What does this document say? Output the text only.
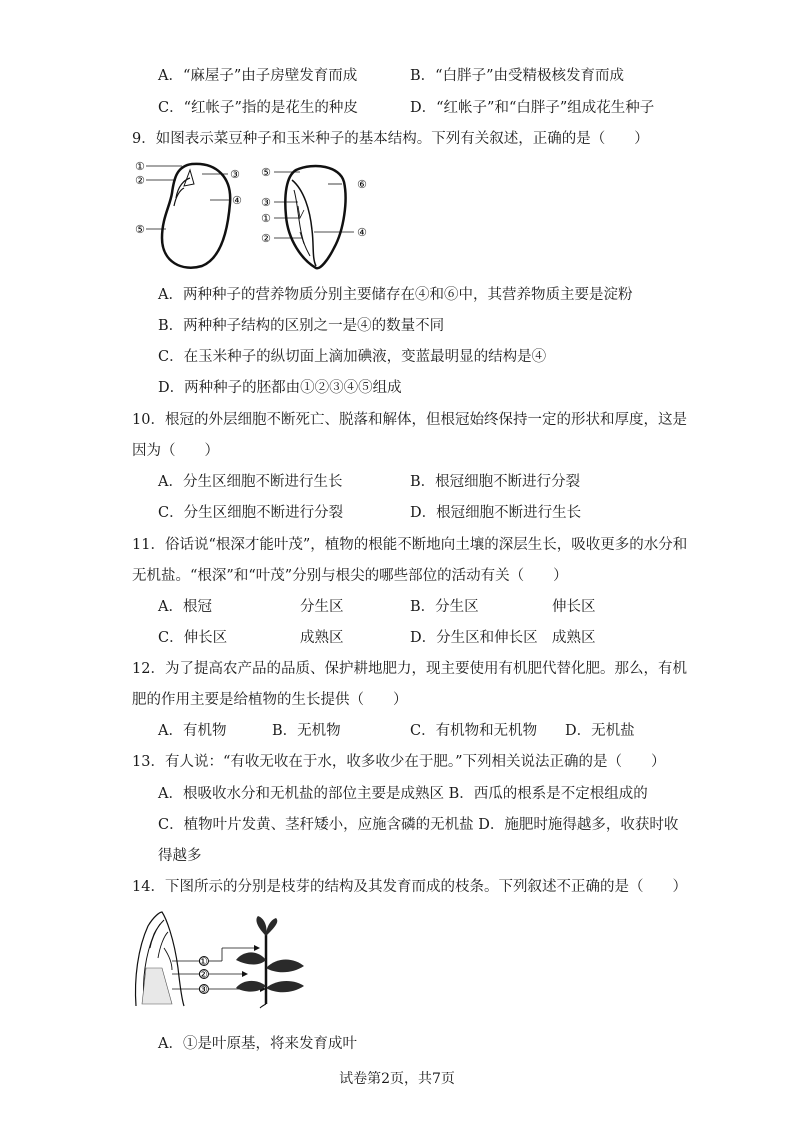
A．“麻屋子”由子房壁发育而成	B．“白胖子”由受精极核发育而成
C．“红帐子”指的是花生的种皮	D．“红帐子”和“白胖子”组成花生种子
9．如图表示菜豆种子和玉米种子的基本结构。下列有关叙述，正确的是（　　）
①
②	③
④
⑤
⑤
⑥
③
①
②	④
A．两种种子的营养物质分别主要储存在④和⑥中，其营养物质主要是淀粉
B．两种种子结构的区别之一是④的数量不同
C．在玉米种子的纵切面上滴加碘液，变蓝最明显的结构是④
D．两种种子的胚都由①②③④⑤组成
10．根冠的外层细胞不断死亡、脱落和解体，但根冠始终保持一定的形状和厚度，这是
因为（　　）
A．分生区细胞不断进行生长	B．根冠细胞不断进行分裂
C．分生区细胞不断进行分裂	D．根冠细胞不断进行生长
11．俗话说“根深才能叶茂”，植物的根能不断地向土壤的深层生长，吸收更多的水分和
无机盐。“根深”和“叶茂”分别与根尖的哪些部位的活动有关（　　）
A．根冠	分生区	B．分生区	伸长区
C．伸长区	成熟区	D．分生区和伸长区 成熟区
12．为了提高农产品的品质、保护耕地肥力，现主要使用有机肥代替化肥。那么，有机
肥的作用主要是给植物的生长提供（　　）
A．有机物	B．无机物	C．有机物和无机物 D．无机盐
13．有人说：“有收无收在于水，收多收少在于肥。”下列相关说法正确的是（　　）
A．根吸收水分和无机盐的部位主要是成熟区 B．西瓜的根系是不定根组成的
C．植物叶片发黄、茎秆矮小，应施含磷的无机盐 D．施肥时施得越多，收获时收
得越多
14．下图所示的分别是枝芽的结构及其发育而成的枝条。下列叙述不正确的是（　　）
①
②
③
A．①是叶原基，将来发育成叶
试卷第2页，共7页
